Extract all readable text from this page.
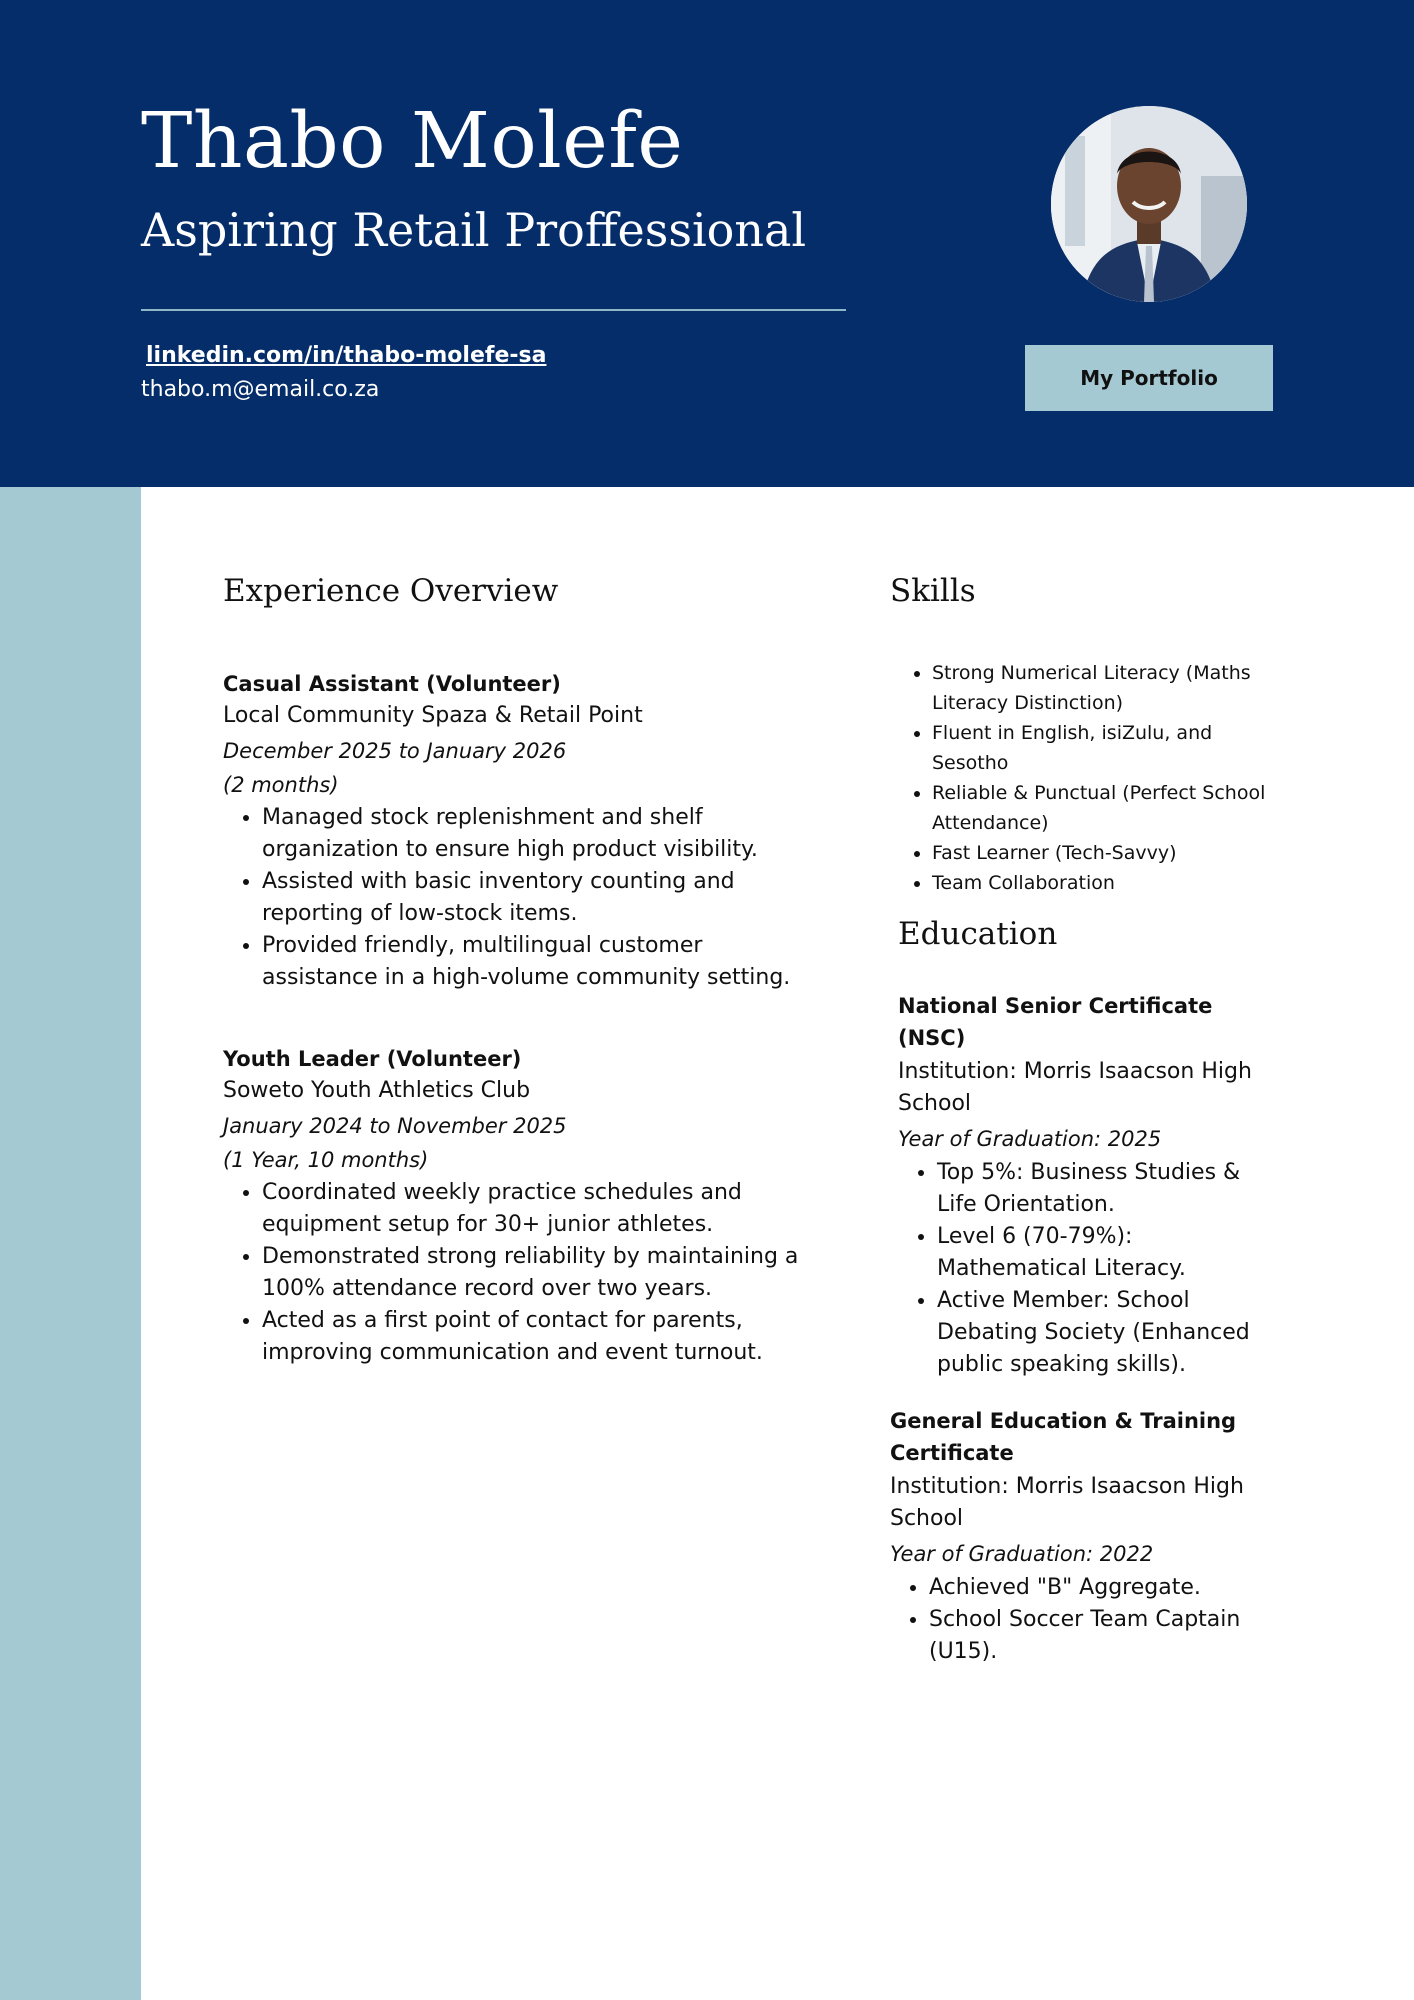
Thabo Molefe
Aspiring Retail Proffessional
linkedin.com/in/thabo-molefe-sa
thabo.m@email.co.za	My Portfolio
Experience Overview

Casual Assistant (Volunteer)

Local Community Spaza & Retail Point

December 2025 to January 2026

(2 months)

• Managed stock replenishment and shelf organization to ensure high product visibility.
• Assisted with basic inventory counting and reporting of low-stock items.
• Provided friendly, multilingual customer assistance in a high-volume community setting.

Youth Leader (Volunteer)

Soweto Youth Athletics Club

January 2024 to November 2025

(1 Year, 10 months)

• Coordinated weekly practice schedules and equipment setup for 30+ junior athletes.
• Demonstrated strong reliability by maintaining a 100% attendance record over two years.
• Acted as a first point of contact for parents, improving communication and event turnout.
Skills
• Strong Numerical Literacy (Maths Literacy Distinction)
• Fluent in English, isiZulu, and Sesotho
• Reliable & Punctual (Perfect School Attendance)
• Fast Learner (Tech-Savvy)
• Team Collaboration
Education

National Senior Certificate (NSC)

Institution: Morris Isaacson High School

Year of Graduation: 2025

• Top 5%: Business Studies & Life Orientation.
• Level 6 (70-79%): Mathematical Literacy.
• Active Member: School Debating Society (Enhanced public speaking skills).

General Education & Training Certificate

Institution: Morris Isaacson High School

Year of Graduation: 2022

• Achieved "B" Aggregate.
• School Soccer Team Captain (U15).
